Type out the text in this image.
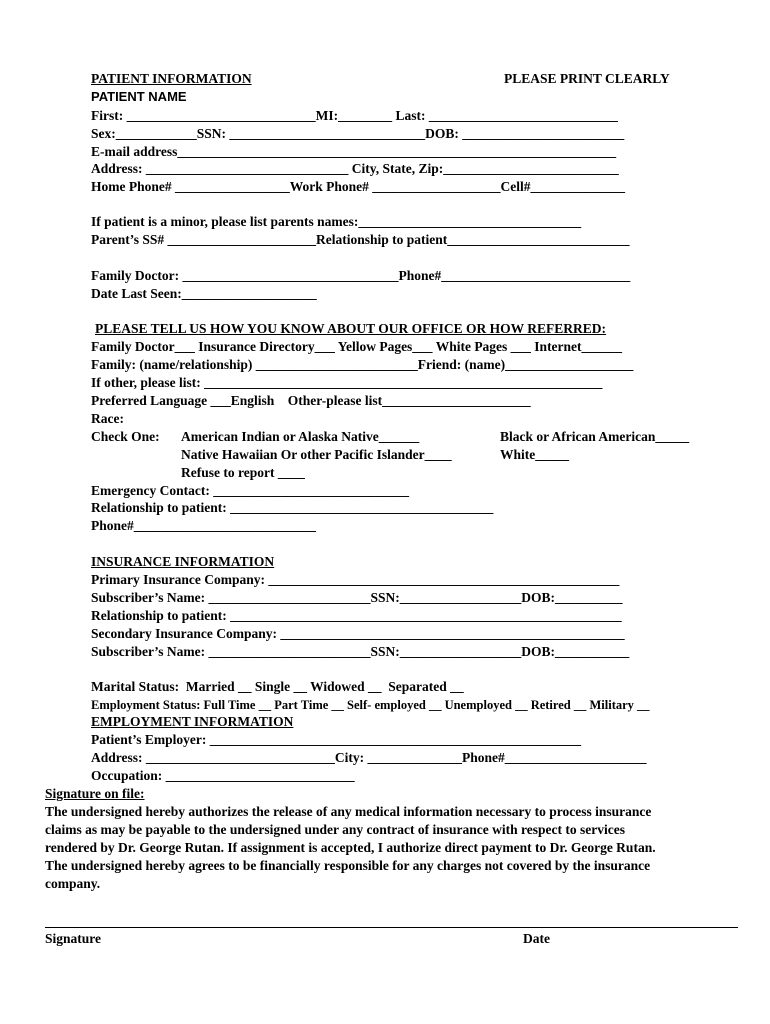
PATIENT INFORMATION	PLEASE PRINT CLEARLY
PATIENT NAME
First: ____________________________MI:________ Last: ____________________________
Sex:____________SSN: _____________________________DOB: ________________________
E-mail address_________________________________________________________________
Address: ______________________________ City, State, Zip:__________________________
Home Phone# _________________Work Phone# ___________________Cell#______________
If patient is a minor, please list parents names:_________________________________
Parent’s SS# ______________________Relationship to patient___________________________
Family Doctor: ________________________________Phone#____________________________
Date Last Seen:____________________
PLEASE TELL US HOW YOU KNOW ABOUT OUR OFFICE OR HOW REFERRED:
Family Doctor___ Insurance Directory___ Yellow Pages___ White Pages ___ Internet______
Family: (name/relationship) ________________________Friend: (name)___________________
If other, please list: ___________________________________________________________
Preferred Language ___English    Other-please list______________________
Race:
Check One: American Indian or Alaska Native______	Black or African American_____
Native Hawaiian Or other Pacific Islander____	White_____
Refuse to report ____
Emergency Contact: _____________________________
Relationship to patient: _______________________________________
Phone#___________________________
INSURANCE INFORMATION
Primary Insurance Company: ____________________________________________________
Subscriber’s Name: ________________________SSN:__________________DOB:__________
Relationship to patient: __________________________________________________________
Secondary Insurance Company: ___________________________________________________
Subscriber’s Name: ________________________SSN:__________________DOB:___________
Marital Status:  Married __ Single __ Widowed __  Separated __
Employment Status: Full Time __ Part Time __ Self- employed __ Unemployed __ Retired __ Military __
EMPLOYMENT INFORMATION
Patient’s Employer: _______________________________________________________
Address: ____________________________City: ______________Phone#_____________________
Occupation: ____________________________
Signature on file:
The undersigned hereby authorizes the release of any medical information necessary to process insurance
claims as may be payable to the undersigned under any contract of insurance with respect to services
rendered by Dr. George Rutan. If assignment is accepted, I authorize direct payment to Dr. George Rutan.
The undersigned hereby agrees to be financially responsible for any charges not covered by the insurance
company.
Signature	Date
